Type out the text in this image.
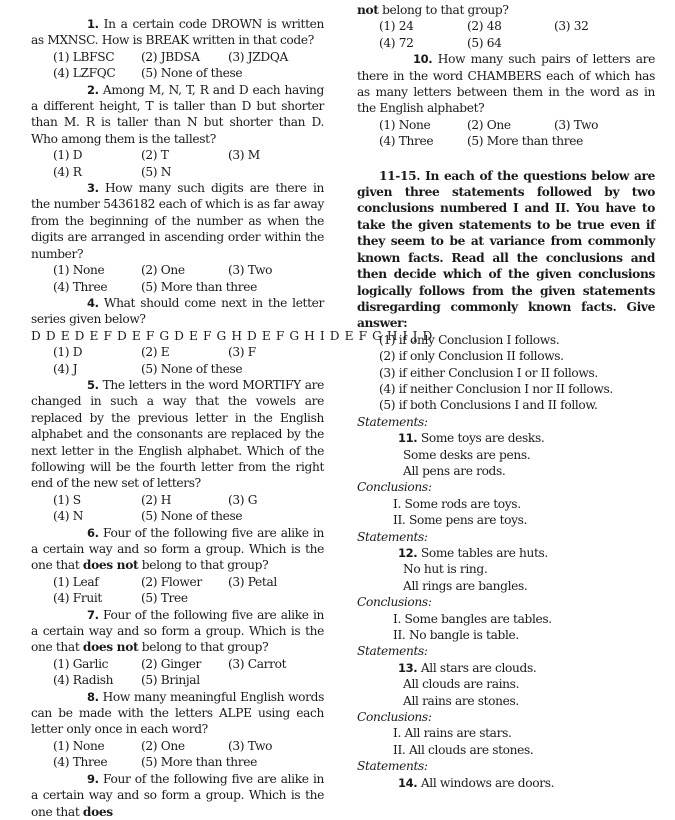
1. In a certain code DROWN is written as MXNSC. How is BREAK written in that code?

(1) LBFSC	(2) JBDSA	(3) JZDQA
(4) LZFQC	(5) None of these

2. Among M, N, T, R and D each having a different height, T is taller than D but shorter than M. R is taller than N but shorter than D. Who among them is the tallest?

(1) D	(2) T	(3) M
(4) R	(5) N

3. How many such digits are there in the number 5436182 each of which is as far away from the beginning of the number as when the digits are arranged in ascending order within the number?

(1) None	(2) One	(3) Two
(4) Three	(5) More than three

4. What should come next in the letter series given below?

D D E D E F D E F G D E F G H D E F G H I D E F G H I J D
(1) D	(2) E	(3) F
(4) J	(5) None of these

5. The letters in the word MORTIFY are changed in such a way that the vowels are replaced by the previous letter in the English alphabet and the consonants are replaced by the next letter in the English alphabet. Which of the following will be the fourth letter from the right end of the new set of letters?

(1) S	(2) H	(3) G
(4) N	(5) None of these

6. Four of the following five are alike in a certain way and so form a group. Which is the one that does not belong to that group?

(1) Leaf	(2) Flower	(3) Petal
(4) Fruit	(5) Tree

7. Four of the following five are alike in a certain way and so form a group. Which is the one that does not belong to that group?

(1) Garlic	(2) Ginger	(3) Carrot
(4) Radish	(5) Brinjal

8. How many meaningful English words can be made with the letters ALPE using each letter only once in each word?

(1) None	(2) One	(3) Two
(4) Three	(5) More than three

9. Four of the following five are alike in a certain way and so form a group. Which is the one that does

not belong to that group?

(1) 24	(2) 48	(3) 32
(4) 72	(5) 64

10. How many such pairs of letters are there in the word CHAMBERS each of which has as many letters between them in the word as in the English alphabet?

(1) None	(2) One	(3) Two
(4) Three	(5) More than three

11-15. In each of the questions below are given three statements followed by two conclusions numbered I and II. You have to take the given statements to be true even if they seem to be at variance from commonly known facts. Read all the conclusions and then decide which of the given conclusions logically follows from the given statements disregarding commonly known facts. Give answer:

(1) if only Conclusion I follows.
(2) if only Conclusion II follows.
(3) if either Conclusion I or II follows.
(4) if neither Conclusion I nor II follows.
(5) if both Conclusions I and II follow.
Statements:
11. Some toys are desks.
Some desks are pens.
All pens are rods.
Conclusions:
I. Some rods are toys.
II. Some pens are toys.
Statements:
12. Some tables are huts.
No hut is ring.
All rings are bangles.
Conclusions:
I. Some bangles are tables.
II. No bangle is table.
Statements:
13. All stars are clouds.
All clouds are rains.
All rains are stones.
Conclusions:
I. All rains are stars.
II. All clouds are stones.
Statements:
14. All windows are doors.
